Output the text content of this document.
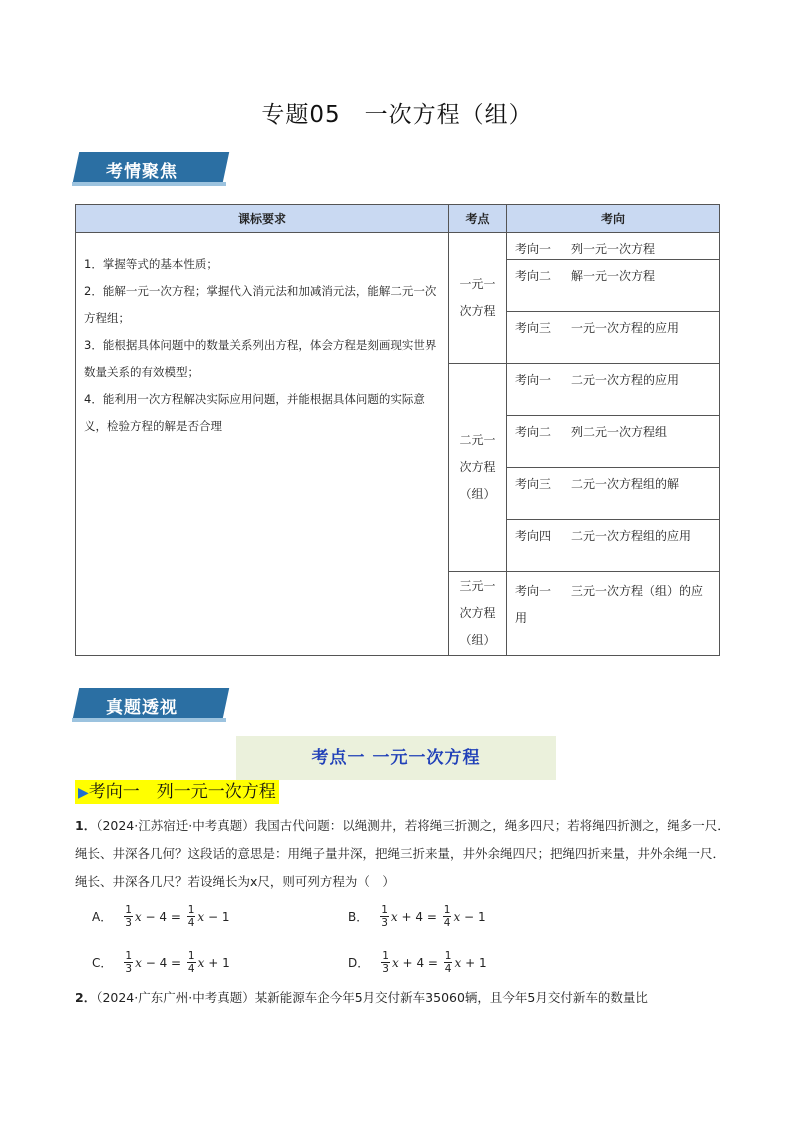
专题05　一次方程（组）
考情聚焦
课标要求	考点	考向

1．掌握等式的基本性质；

2．能解一元一次方程；掌握代入消元法和加减消元法，能解二元一次方程组；

3．能根据具体问题中的数量关系列出方程，体会方程是刻画现实世界数量关系的有效模型；

4．能利用一次方程解决实际应用问题，并能根据具体问题的实际意义，检验方程的解是否合理	一元一次方程	考向一 列一元一次方程
		考向二 解一元一次方程
		考向三 一元一次方程的应用

	二元一次方程（组）	考向一 二元一次方程的应用
		考向二 列二元一次方程组
		考向三 二元一次方程组的解
		考向四 二元一次方程组的应用

	三元一次方程（组）	考向一 三元一次方程（组）的应用
真题透视
考点一 一元一次方程
▶考向一　列一元一次方程
1．（2024·江苏宿迁·中考真题）我国古代问题：以绳测井，若将绳三折测之，绳多四尺；若将绳四折测之，绳多一尺．绳长、井深各几何？这段话的意思是：用绳子量井深，把绳三折来量，井外余绳四尺；把绳四折来量，井外余绳一尺．绳长、井深各几尺？若设绳长为x尺，则可列方程为（　）
A． $\frac{1}{3}$ x
−
$4 = \frac{1}{4}$ x
−
1	B． $\frac{1}{3}$ x
+
$4 = \frac{1}{4}$ x
−
1
C． $\frac{1}{3}$ x
−
$4 = \frac{1}{4}$ x
+
1	D． $\frac{1}{3}$ x
+
$4 = \frac{1}{4}$ x
+
1
2．（2024·广东广州·中考真题）某新能源车企今年5月交付新车35060辆，且今年5月交付新车的数量比
